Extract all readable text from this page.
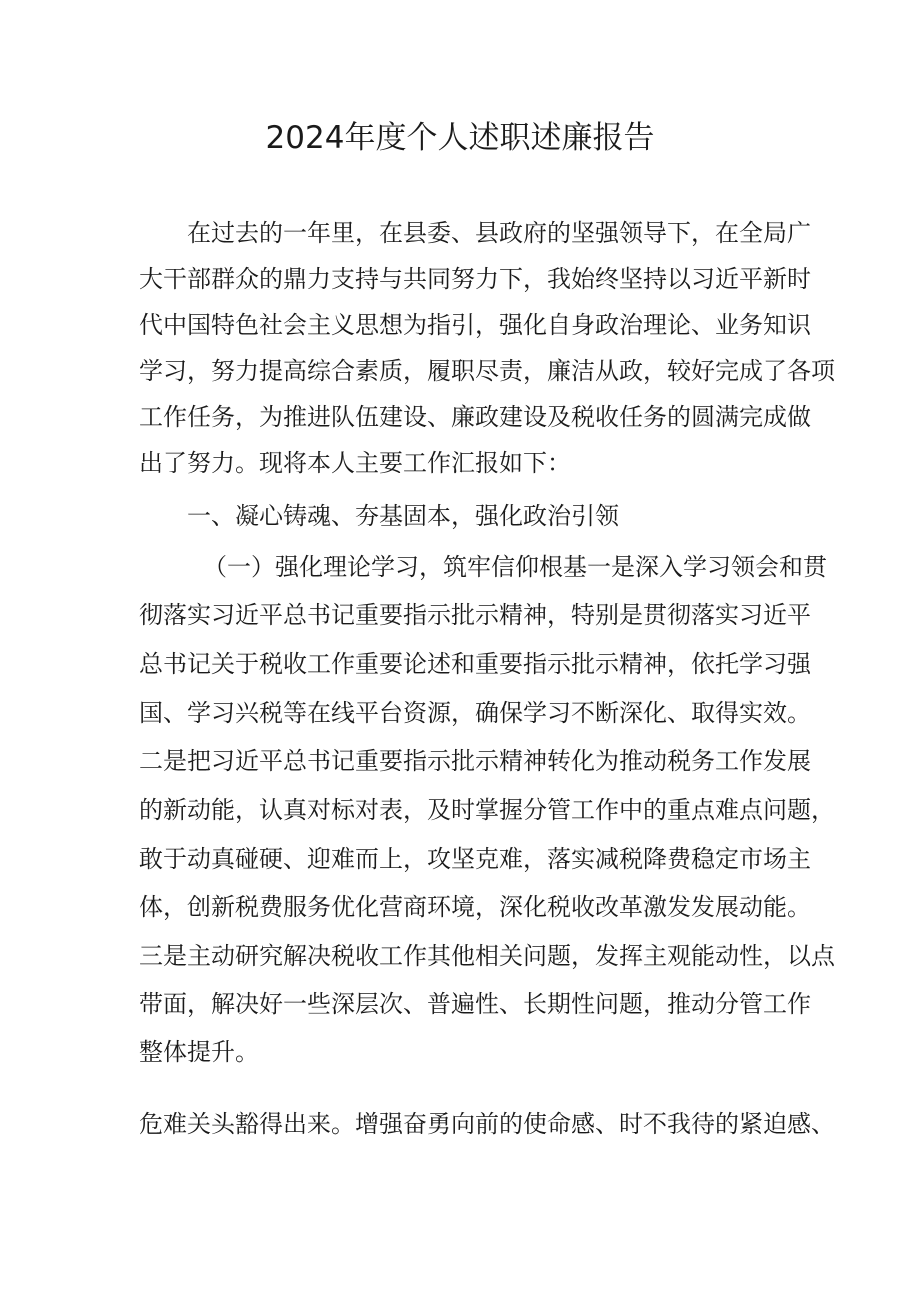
2024年度个人述职述廉报告
在过去的一年里，在县委、县政府的坚强领导下，在全局广
大干部群众的鼎力支持与共同努力下，我始终坚持以习近平新时
代中国特色社会主义思想为指引，强化自身政治理论、业务知识
学习，努力提高综合素质，履职尽责，廉洁从政，较好完成了各项
工作任务，为推进队伍建设、廉政建设及税收任务的圆满完成做
出了努力。现将本人主要工作汇报如下：
一、凝心铸魂、夯基固本，强化政治引领
（一）强化理论学习，筑牢信仰根基一是深入学习领会和贯
彻落实习近平总书记重要指示批示精神，特别是贯彻落实习近平
总书记关于税收工作重要论述和重要指示批示精神，依托学习强
国、学习兴税等在线平台资源，确保学习不断深化、取得实效。
二是把习近平总书记重要指示批示精神转化为推动税务工作发展
的新动能，认真对标对表，及时掌握分管工作中的重点难点问题，
敢于动真碰硬、迎难而上，攻坚克难，落实减税降费稳定市场主
体，创新税费服务优化营商环境，深化税收改革激发发展动能。
三是主动研究解决税收工作其他相关问题，发挥主观能动性，以点
带面，解决好一些深层次、普遍性、长期性问题，推动分管工作
整体提升。
危难关头豁得出来。增强奋勇向前的使命感、时不我待的紧迫感、
